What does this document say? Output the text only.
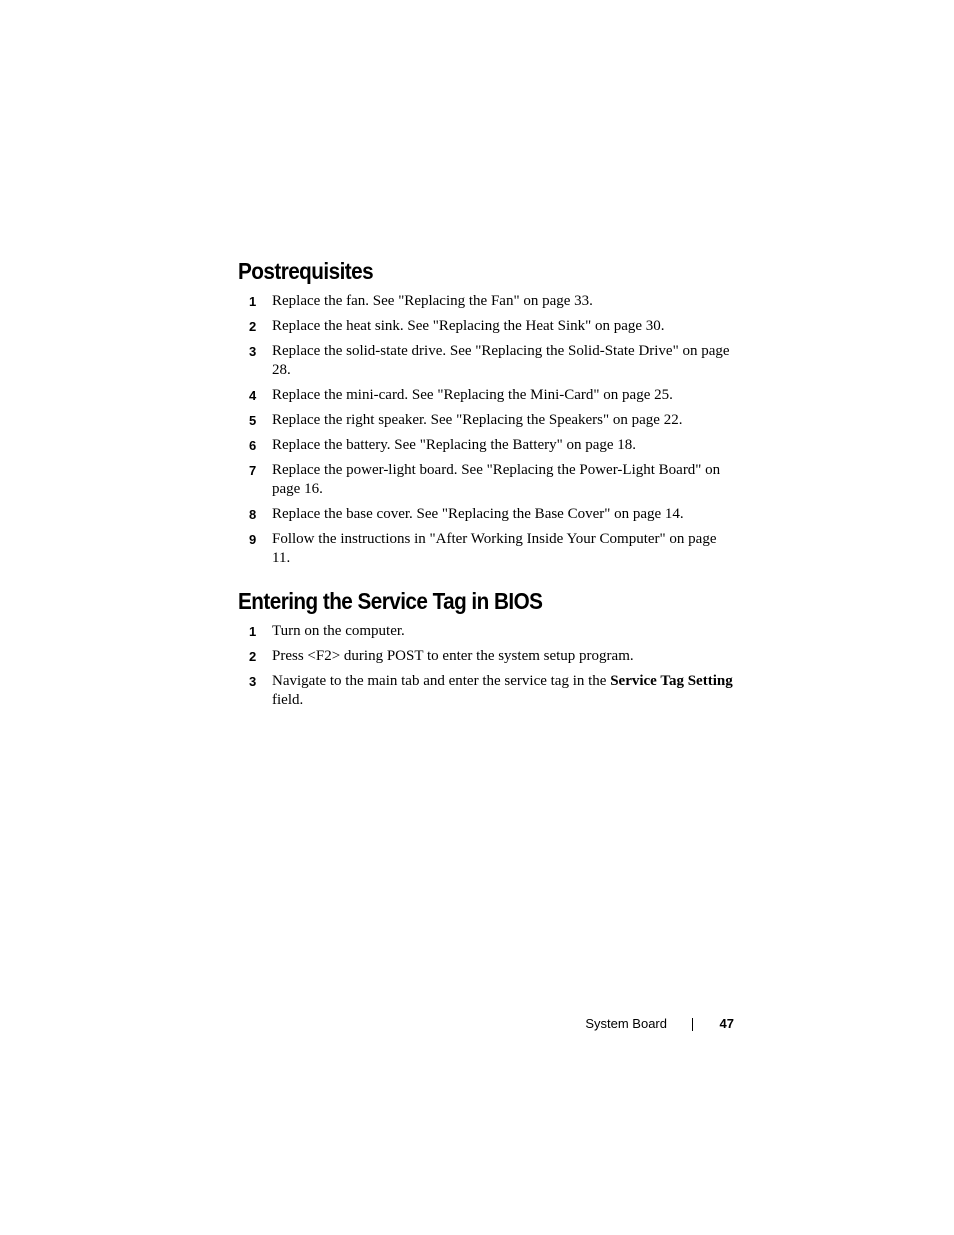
Postrequisites
1 Replace the fan. See "Replacing the Fan" on page 33.
2 Replace the heat sink. See "Replacing the Heat Sink" on page 30.
3 Replace the solid-state drive. See "Replacing the Solid-State Drive" on page 28.
4 Replace the mini-card. See "Replacing the Mini-Card" on page 25.
5 Replace the right speaker. See "Replacing the Speakers" on page 22.
6 Replace the battery. See "Replacing the Battery" on page 18.
7 Replace the power-light board. See "Replacing the Power-Light Board" on page 16.
8 Replace the base cover. See "Replacing the Base Cover" on page 14.
9 Follow the instructions in "After Working Inside Your Computer" on page 11.
Entering the Service Tag in BIOS
1 Turn on the computer.
2 Press <F2> during POST to enter the system setup program.
3 Navigate to the main tab and enter the service tag in the Service Tag Setting field.
System Board	47
